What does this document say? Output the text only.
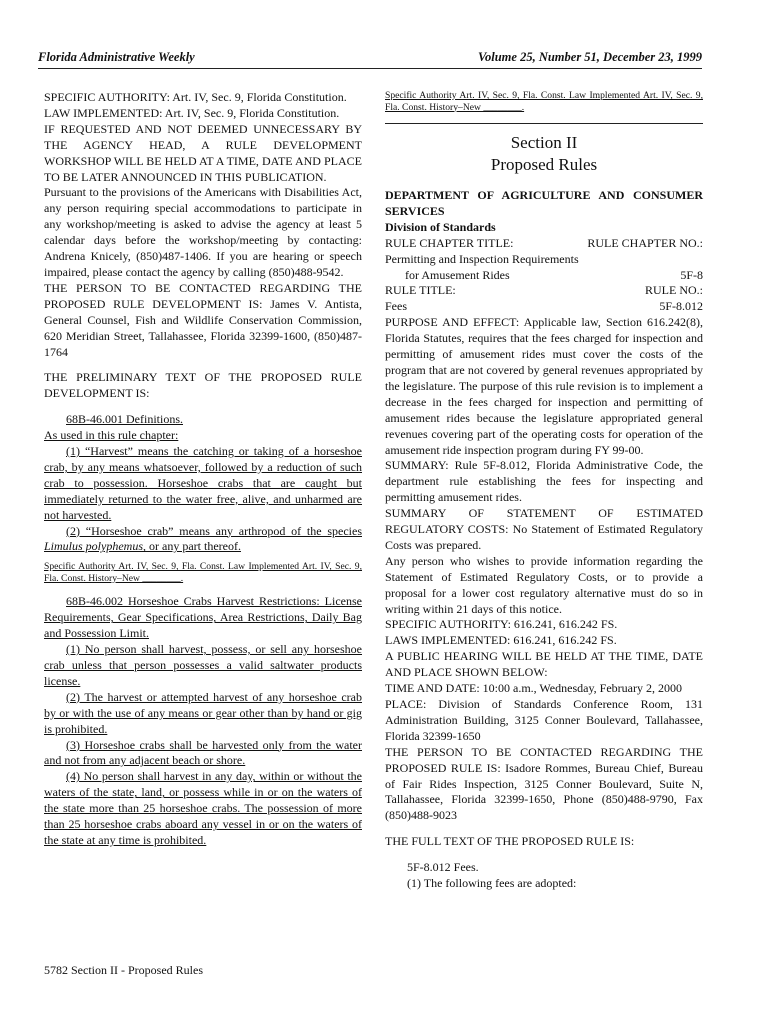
Florida Administrative Weekly	Volume 25, Number 51, December 23, 1999

SPECIFIC AUTHORITY: Art. IV, Sec. 9, Florida Constitution.

LAW IMPLEMENTED: Art. IV, Sec. 9, Florida Constitution.

IF REQUESTED AND NOT DEEMED UNNECESSARY BY THE AGENCY HEAD, A RULE DEVELOPMENT WORKSHOP WILL BE HELD AT A TIME, DATE AND PLACE TO BE LATER ANNOUNCED IN THIS PUBLICATION.

Pursuant to the provisions of the Americans with Disabilities Act, any person requiring special accommodations to participate in any workshop/meeting is asked to advise the agency at least 5 calendar days before the workshop/meeting by contacting: Andrena Knicely, (850)487-1406. If you are hearing or speech impaired, please contact the agency by calling (850)488-9542.

THE PERSON TO BE CONTACTED REGARDING THE PROPOSED RULE DEVELOPMENT IS: James V. Antista, General Counsel, Fish and Wildlife Conservation Commission, 620 Meridian Street, Tallahassee, Florida 32399-1600, (850)487-1764

THE PRELIMINARY TEXT OF THE PROPOSED RULE DEVELOPMENT IS:

68B-46.001 Definitions.

As used in this rule chapter:

(1) “Harvest” means the catching or taking of a horseshoe crab, by any means whatsoever, followed by a reduction of such crab to possession. Horseshoe crabs that are caught but immediately returned to the water free, alive, and unharmed are not harvested.

(2) “Horseshoe crab” means any arthropod of the species Limulus polyphemus, or any part thereof.

Specific Authority Art. IV, Sec. 9, Fla. Const. Law Implemented Art. IV, Sec. 9, Fla. Const. History–New ________.

68B-46.002 Horseshoe Crabs Harvest Restrictions: License Requirements, Gear Specifications, Area Restrictions, Daily Bag and Possession Limit.

(1) No person shall harvest, possess, or sell any horseshoe crab unless that person possesses a valid saltwater products license.

(2) The harvest or attempted harvest of any horseshoe crab by or with the use of any means or gear other than by hand or gig is prohibited.

(3) Horseshoe crabs shall be harvested only from the water and not from any adjacent beach or shore.

(4) No person shall harvest in any day, within or without the waters of the state, land, or possess while in or on the waters of the state more than 25 horseshoe crabs. The possession of more than 25 horseshoe crabs aboard any vessel in or on the waters of the state at any time is prohibited.

Specific Authority Art. IV, Sec. 9, Fla. Const. Law Implemented Art. IV, Sec. 9, Fla. Const. History–New ________.

Section II
Proposed Rules

DEPARTMENT OF AGRICULTURE AND CONSUMER SERVICES

Division of Standards

RULE CHAPTER TITLE:	RULE CHAPTER NO.:
Permitting and Inspection Requirements
for Amusement Rides	5F-8
RULE TITLE:	RULE NO.:
Fees	5F-8.012

PURPOSE AND EFFECT: Applicable law, Section 616.242(8), Florida Statutes, requires that the fees charged for inspection and permitting of amusement rides must cover the costs of the program that are not covered by general revenues appropriated by the legislature. The purpose of this rule revision is to implement a decrease in the fees charged for inspection and permitting of amusement rides because the legislature appropriated general revenues covering part of the operating costs for operation of the amusement ride inspection program during FY 99-00.

SUMMARY: Rule 5F-8.012, Florida Administrative Code, the department rule establishing the fees for inspecting and permitting amusement rides.

SUMMARY OF STATEMENT OF ESTIMATED REGULATORY COSTS: No Statement of Estimated Regulatory Costs was prepared.

Any person who wishes to provide information regarding the Statement of Estimated Regulatory Costs, or to provide a proposal for a lower cost regulatory alternative must do so in writing within 21 days of this notice.

SPECIFIC AUTHORITY: 616.241, 616.242 FS.

LAWS IMPLEMENTED: 616.241, 616.242 FS.

A PUBLIC HEARING WILL BE HELD AT THE TIME, DATE AND PLACE SHOWN BELOW:

TIME AND DATE: 10:00 a.m., Wednesday, February 2, 2000

PLACE: Division of Standards Conference Room, 131 Administration Building, 3125 Conner Boulevard, Tallahassee, Florida 32399-1650

THE PERSON TO BE CONTACTED REGARDING THE PROPOSED RULE IS: Isadore Rommes, Bureau Chief, Bureau of Fair Rides Inspection, 3125 Conner Boulevard, Suite N, Tallahassee, Florida 32399-1650, Phone (850)488-9790, Fax (850)488-9023

THE FULL TEXT OF THE PROPOSED RULE IS:

5F-8.012 Fees.

(1) The following fees are adopted:

5782 Section II - Proposed Rules
